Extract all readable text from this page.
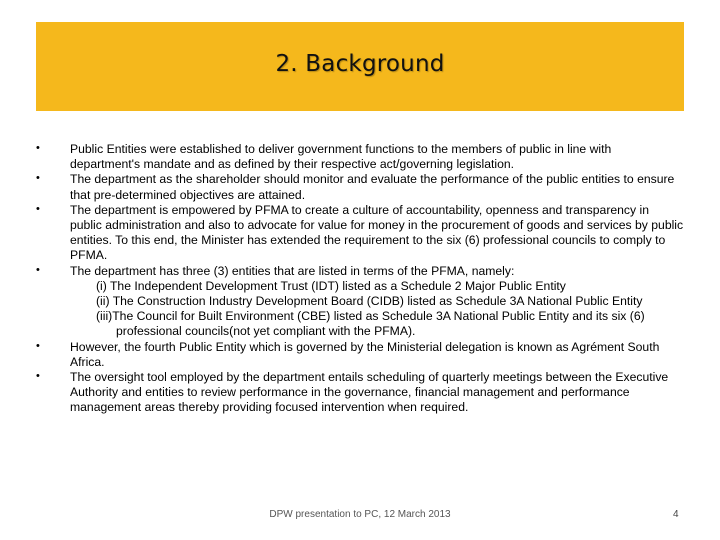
2. Background
• Public Entities were established to deliver government functions to the members of public in line with department's mandate and as defined by their respective act/governing legislation.
• The department as the shareholder should monitor and evaluate the performance of the public entities to ensure that pre-determined objectives are attained.
• The department is empowered by PFMA to create a culture of accountability, openness and transparency in public administration and also to advocate for value for money in the procurement of goods and services by public entities. To this end, the Minister has extended the requirement to the six (6) professional councils to comply to PFMA.
• The department has three (3) entities that are listed in terms of the PFMA, namely:
(i) The Independent Development Trust (IDT) listed as a Schedule 2 Major Public Entity
(ii) The Construction Industry Development Board (CIDB) listed as Schedule 3A National Public Entity
(iii)The Council for Built Environment (CBE) listed as Schedule 3A National Public Entity and its six (6) professional councils(not yet compliant with the PFMA).
• However, the fourth Public Entity which is governed by the Ministerial delegation is known as Agrément South Africa.
• The oversight tool employed by the department entails scheduling of quarterly meetings between the Executive Authority and entities to review performance in the governance, financial management and performance management areas thereby providing focused intervention when required.
DPW presentation to PC, 12 March 2013	4
